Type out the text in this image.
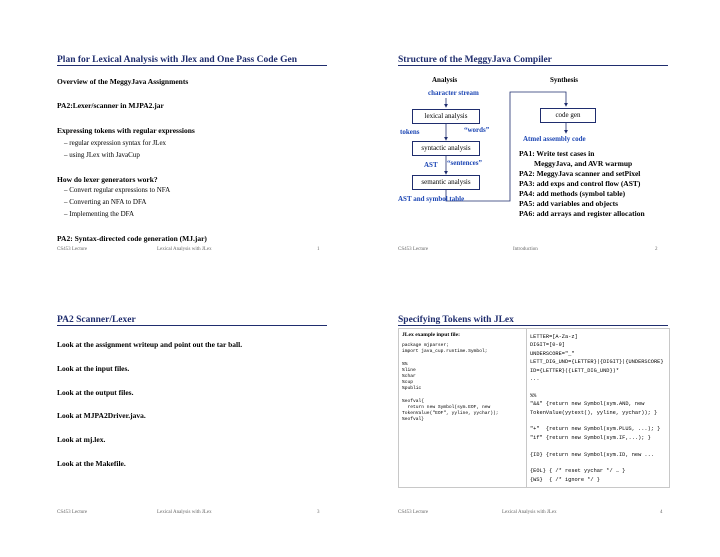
Plan for Lexical Analysis with Jlex and One Pass Code Gen
Overview of the MeggyJava Assignments
PA2:Lexer/scanner in MJPA2.jar
Expressing tokens with regular expressions
– regular expression syntax for JLex
– using JLex with JavaCup
How do lexer generators work?
– Convert regular expressions to NFA
– Converting an NFA to DFA
– Implementing the DFA
PA2: Syntax-directed code generation (MJ.jar)
CS453 Lecture	Lexical Analysis with JLex	1
Structure of the MeggyJava Compiler
Analysis	Synthesis
character stream
lexical analysis
tokens	“words”
syntactic analysis
AST “sentences”
semantic analysis
AST and symbol table
code gen
Atmel assembly code
PA1: Write test cases in
MeggyJava, and AVR warmup
PA2: MeggyJava scanner and setPixel
PA3: add exps and control flow (AST)
PA4: add methods (symbol table)
PA5: add variables and objects
PA6: add arrays and register allocation
CS453 Lecture	Introduction	2
PA2 Scanner/Lexer
Look at the assignment writeup and point out the tar ball.
Look at the input files.
Look at the output files.
Look at MJPA2Driver.java.
Look at mj.lex.
Look at the Makefile.
CS453 Lecture	Lexical Analysis with JLex	3
Specifying Tokens with JLex
JLex example input file:
package mjparser;
import java_cup.runtime.Symbol;
%%
%line
%char
%cup
%public
%eofval{
return new Symbol(sym.EOF, new
TokenValue("EOF", yyline, yychar));
%eofval}
LETTER=[A-Za-z]
DIGIT=[0-9]
UNDERSCORE="_"
LETT_DIG_UND={LETTER}|{DIGIT}|{UNDERSCORE}
ID={LETTER}({LETT_DIG_UND})*
...
%%
"&&" {return new Symbol(sym.AND, new
TokenValue(yytext(), yyline, yychar)); }
"+"  {return new Symbol(sym.PLUS, ...); }
"if" {return new Symbol(sym.IF,...); }
{ID} {return new Symbol(sym.ID, new ...
{EOL} { /* reset yychar */ … }
{WS}  { /* ignore */ }
CS453 Lecture	Lexical Analysis with JLex	4
